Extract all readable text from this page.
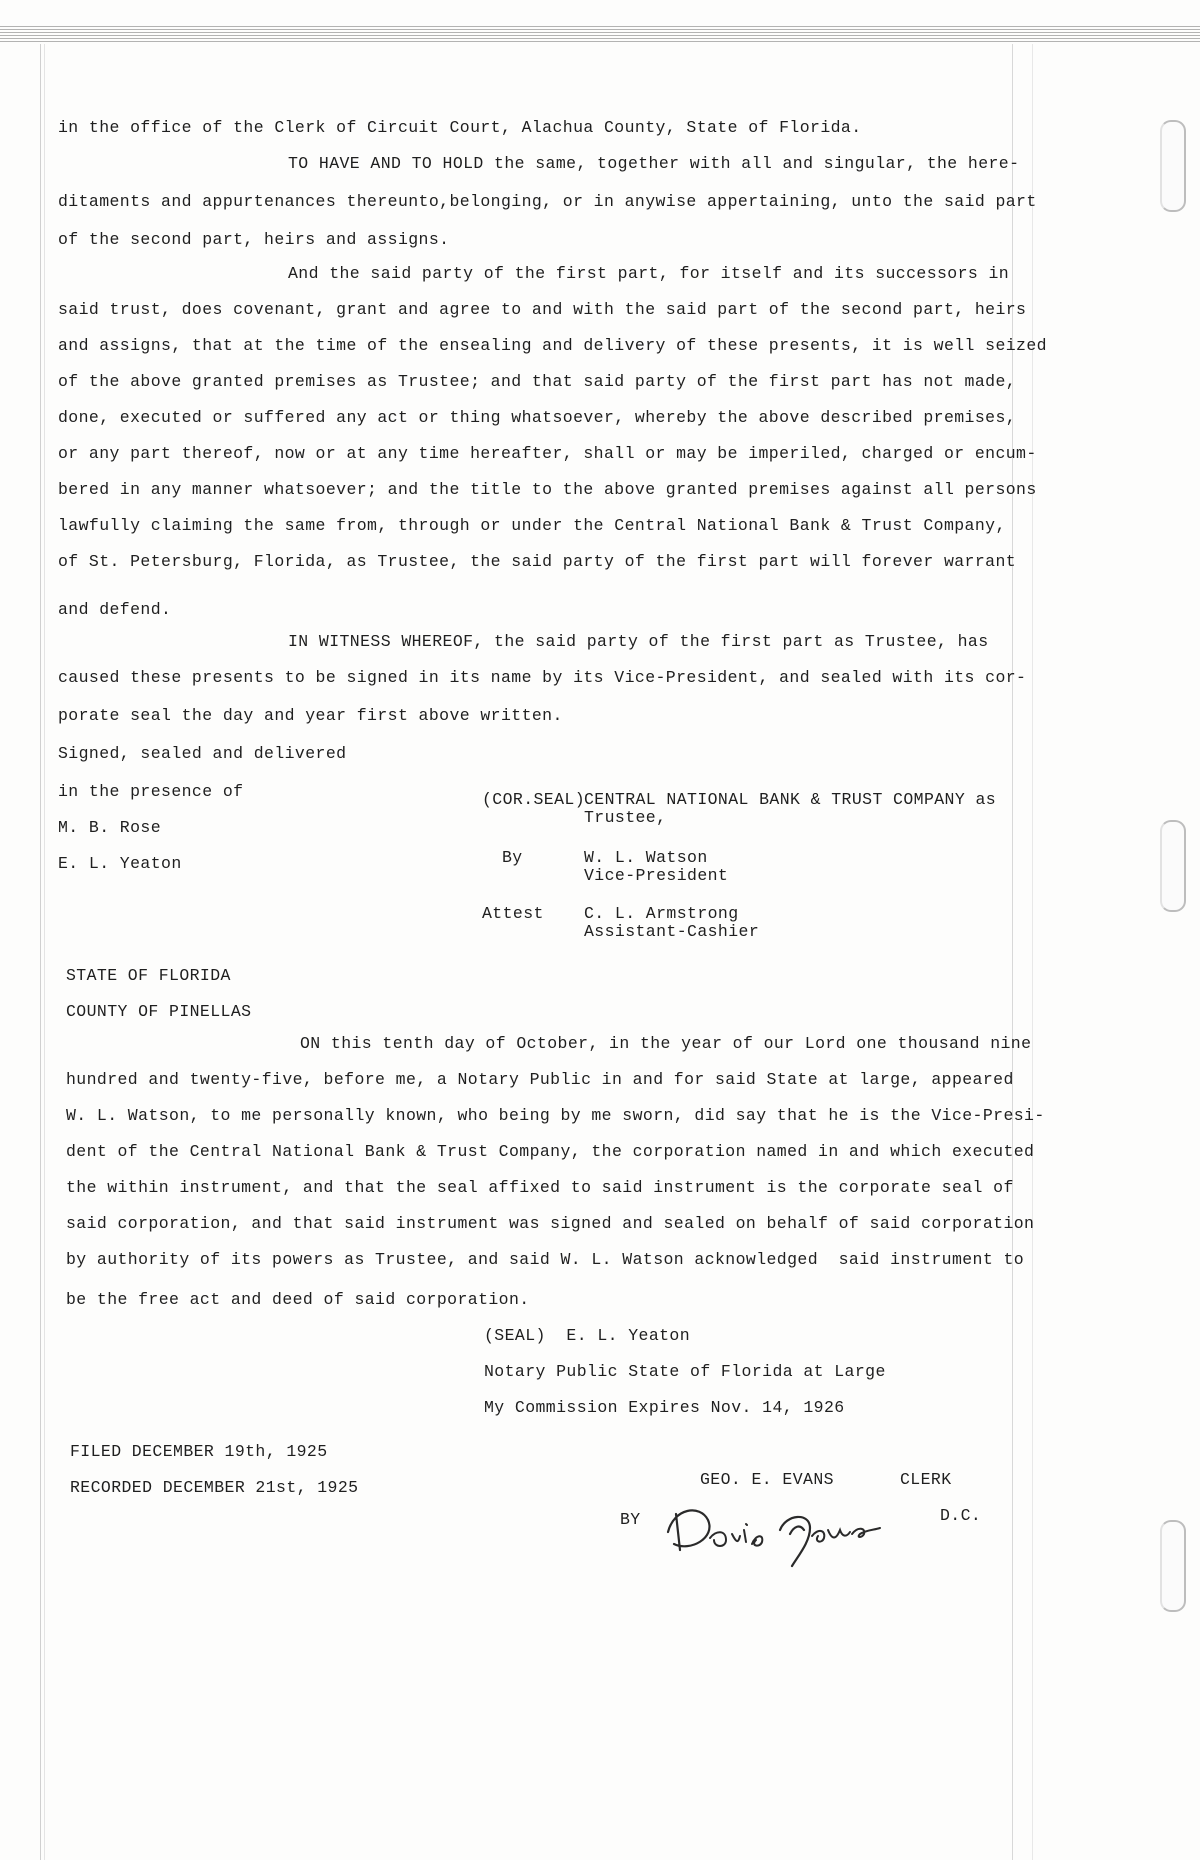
in the office of the Clerk of Circuit Court, Alachua County, State of Florida.
TO HAVE AND TO HOLD the same, together with all and singular, the here-
ditaments and appurtenances thereunto,belonging, or in anywise appertaining, unto the said part
of the second part, heirs and assigns.
And the said party of the first part, for itself and its successors in
said trust, does covenant, grant and agree to and with the said part of the second part, heirs
and assigns, that at the time of the ensealing and delivery of these presents, it is well seized
of the above granted premises as Trustee; and that said party of the first part has not made,
done, executed or suffered any act or thing whatsoever, whereby the above described premises,
or any part thereof, now or at any time hereafter, shall or may be imperiled, charged or encum-
bered in any manner whatsoever; and the title to the above granted premises against all persons
lawfully claiming the same from, through or under the Central National Bank & Trust Company,
of St. Petersburg, Florida, as Trustee, the said party of the first part will forever warrant
and defend.
IN WITNESS WHEREOF, the said party of the first part as Trustee, has
caused these presents to be signed in its name by its Vice-President, and sealed with its cor-
porate seal the day and year first above written.
Signed, sealed and delivered
in the presence of
M. B. Rose
E. L. Yeaton
(COR.SEAL)
CENTRAL NATIONAL BANK & TRUST COMPANY as
Trustee,
By	W. L. Watson
Vice-President
Attest C. L. Armstrong
Assistant-Cashier
STATE OF FLORIDA
COUNTY OF PINELLAS
ON this tenth day of October, in the year of our Lord one thousand nine
hundred and twenty-five, before me, a Notary Public in and for said State at large, appeared
W. L. Watson, to me personally known, who being by me sworn, did say that he is the Vice-Presi-
dent of the Central National Bank & Trust Company, the corporation named in and which executed
the within instrument, and that the seal affixed to said instrument is the corporate seal of
said corporation, and that said instrument was signed and sealed on behalf of said corporation
by authority of its powers as Trustee, and said W. L. Watson acknowledged  said instrument to
be the free act and deed of said corporation.
(SEAL)  E. L. Yeaton
Notary Public State of Florida at Large
My Commission Expires Nov. 14, 1926
FILED DECEMBER 19th, 1925
RECORDED DECEMBER 21st, 1925	GEO. E. EVANS	CLERK
BY	D.C.
